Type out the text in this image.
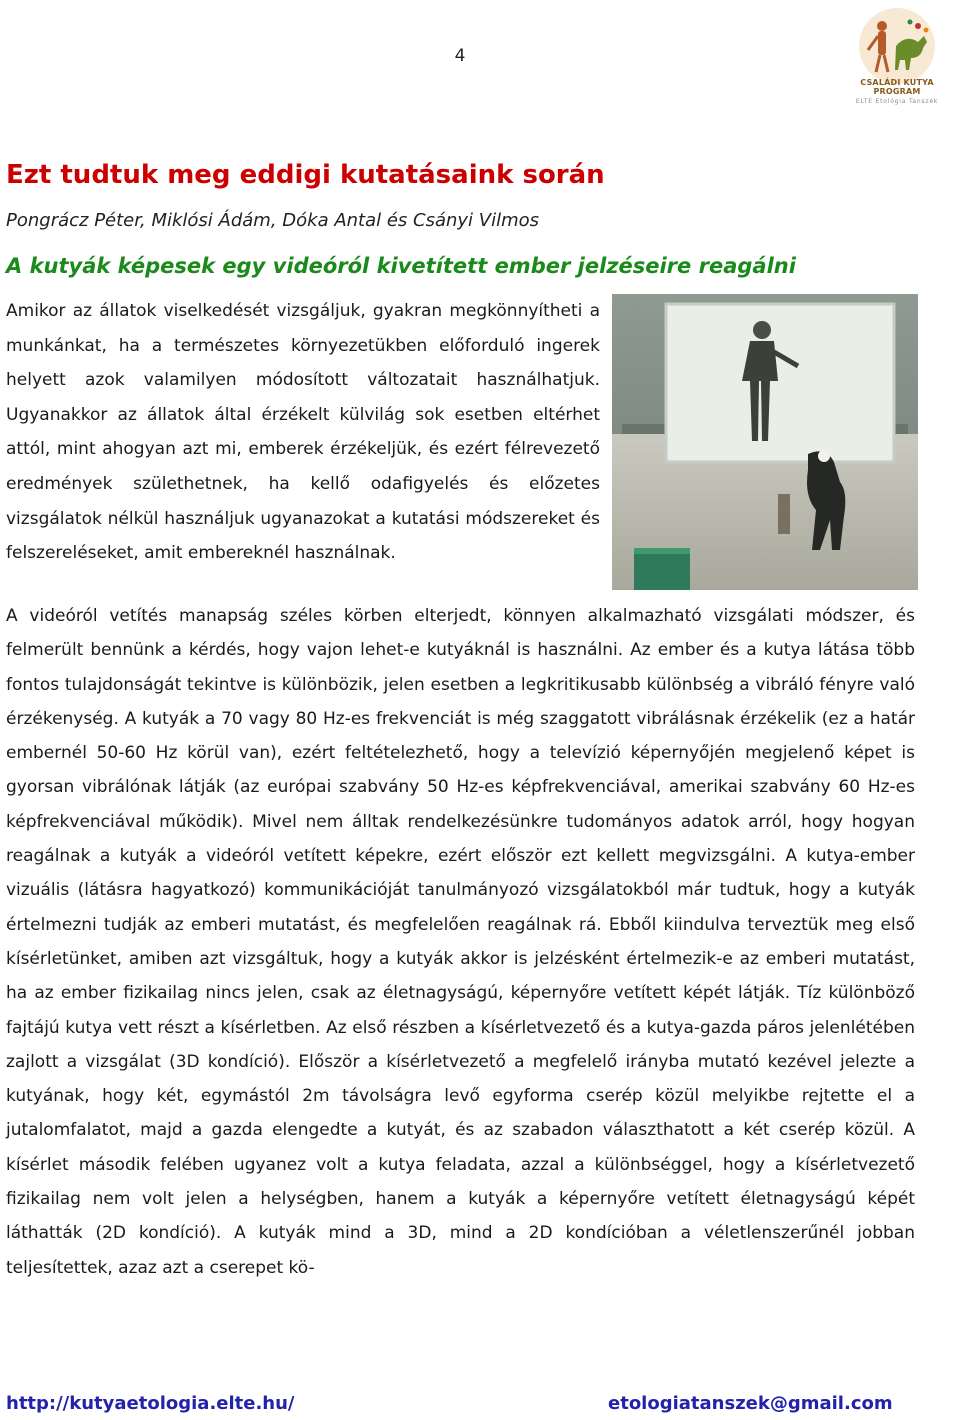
4
CSALÁDI KUTYA PROGRAM
ELTE Etológia Tanszék
Ezt tudtuk meg eddigi kutatásaink során
Pongrácz Péter, Miklósi Ádám, Dóka Antal és Csányi Vilmos
A kutyák képesek egy videóról kivetített ember jelzéseire reagálni
Amikor az állatok viselkedését vizsgáljuk, gyakran megkönnyítheti a munkánkat, ha a természetes környezetükben előforduló ingerek helyett azok valamilyen módosított változatait használhatjuk. Ugyanakkor az állatok által érzékelt külvilág sok esetben eltérhet attól, mint ahogyan azt mi, emberek érzékeljük, és ezért félrevezető eredmények születhetnek, ha kellő odafigyelés és előzetes vizsgálatok nélkül használjuk ugyanazokat a kutatási módszereket és felszereléseket, amit embereknél használnak.
A videóról vetítés manapság széles körben elterjedt, könnyen alkalmazható vizsgálati módszer, és felmerült bennünk a kérdés, hogy vajon lehet-e kutyáknál is használni. Az ember és a kutya látása több fontos tulajdonságát tekintve is különbözik, jelen esetben a legkritikusabb különbség a vibráló fényre való érzékenység. A kutyák a 70 vagy 80 Hz-es frekvenciát is még szaggatott vibrálásnak érzékelik (ez a határ embernél 50-60 Hz körül van), ezért feltételezhető, hogy a televízió képernyőjén megjelenő képet is gyorsan vibrálónak látják (az európai szabvány 50 Hz-es képfrekvenciával, amerikai szabvány 60 Hz-es képfrekvenciával működik). Mivel nem álltak rendelkezésünkre tudományos adatok arról, hogy hogyan reagálnak a kutyák a videóról vetített képekre, ezért először ezt kellett megvizsgálni. A kutya-ember vizuális (látásra hagyatkozó) kommunikációját tanulmányozó vizsgálatokból már tudtuk, hogy a kutyák értelmezni tudják az emberi mutatást, és megfelelően reagálnak rá. Ebből kiindulva terveztük meg első kísérletünket, amiben azt vizsgáltuk, hogy a kutyák akkor is jelzésként értelmezik-e az emberi mutatást, ha az ember fizikailag nincs jelen, csak az életnagyságú, képernyőre vetített képét látják. Tíz különböző fajtájú kutya vett részt a kísérletben. Az első részben a kísérletvezető és a kutya-gazda páros jelenlétében zajlott a vizsgálat (3D kondíció). Először a kísérletvezető a megfelelő irányba mutató kezével jelezte a kutyának, hogy két, egymástól 2m távolságra levő egyforma cserép közül melyikbe rejtette el a jutalomfalatot, majd a gazda elengedte a kutyát, és az szabadon választhatott a két cserép közül. A kísérlet második felében ugyanez volt a kutya feladata, azzal a különbséggel, hogy a kísérletvezető fizikailag nem volt jelen a helységben, hanem a kutyák a képernyőre vetített életnagyságú képét láthatták (2D kondíció). A kutyák mind a 3D, mind a 2D kondícióban a véletlenszerűnél jobban teljesítettek, azaz azt a cserepet kö-
http://kutyaetologia.elte.hu/	etologiatanszek@gmail.com
